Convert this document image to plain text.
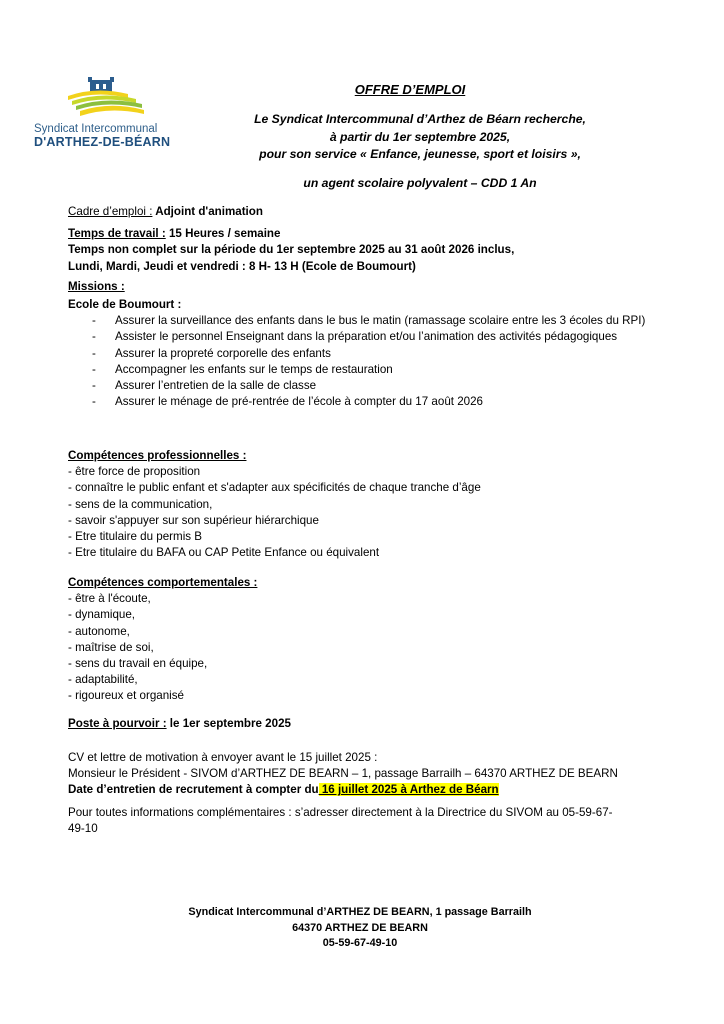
Syndicat Intercommunal
D'ARTHEZ-DE-BÉARN
OFFRE D’EMPLOI
Le Syndicat Intercommunal d’Arthez de Béarn recherche,
à partir du 1er septembre 2025,
pour son service « Enfance, jeunesse, sport et loisirs »,
un agent scolaire polyvalent – CDD 1 An
Cadre d’emploi : Adjoint d'animation
Temps de travail : 15 Heures / semaine
Temps non complet sur la période du 1er septembre 2025 au 31 août 2026 inclus,
Lundi, Mardi, Jeudi et vendredi : 8 H- 13 H (Ecole de Boumourt)
Missions :
Ecole de Boumourt :
- Assurer la surveillance des enfants dans le bus le matin (ramassage scolaire entre les 3 écoles du RPI)
- Assister le personnel Enseignant dans la préparation et/ou l’animation des activités pédagogiques
- Assurer la propreté corporelle des enfants
- Accompagner les enfants sur le temps de restauration
- Assurer l’entretien de la salle de classe
- Assurer le ménage de pré-rentrée de l’école à compter du 17 août 2026
Compétences professionnelles :
- être force de proposition
- connaître le public enfant et s'adapter aux spécificités de chaque tranche d’âge
- sens de la communication,
- savoir s'appuyer sur son supérieur hiérarchique
- Etre titulaire du permis B
- Etre titulaire du BAFA ou CAP Petite Enfance ou équivalent
Compétences comportementales :
- être à l'écoute,
- dynamique,
- autonome,
- maîtrise de soi,
- sens du travail en équipe,
- adaptabilité,
- rigoureux et organisé
Poste à pourvoir : le 1er septembre 2025
CV et lettre de motivation à envoyer avant le 15 juillet 2025 :
Monsieur le Président - SIVOM d’ARTHEZ DE BEARN – 1, passage Barrailh – 64370 ARTHEZ DE BEARN
Date d’entretien de recrutement à compter du 16 juillet 2025 à Arthez de Béarn
Pour toutes informations complémentaires : s’adresser directement à la Directrice du SIVOM au 05-59-67-
49-10
Syndicat Intercommunal d’ARTHEZ DE BEARN, 1 passage Barrailh
64370 ARTHEZ DE BEARN
05-59-67-49-10
